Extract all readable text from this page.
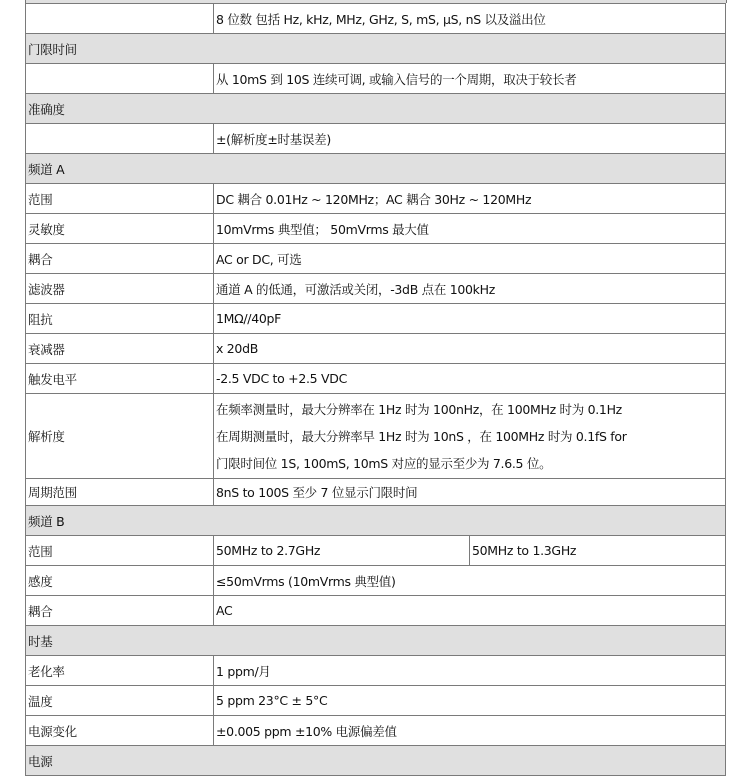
	8 位数 包括 Hz, kHz, MHz, GHz, S, mS, μS, nS 以及溢出位	
门限时间		
	从 10mS 到 10S 连续可调, 或输入信号的一个周期，取决于较长者	
准确度		
	±(解析度±时基误差)	
频道 A		
范围	DC 耦合 0.01Hz ~ 120MHz；AC 耦合 30Hz ~ 120MHz	
灵敏度	10mVrms 典型值； 50mVrms 最大值	
耦合	AC or DC, 可选	
滤波器	通道 A 的低通，可激活或关闭，-3dB 点在 100kHz	
阻抗	1MΩ//40pF	
衰减器	x 20dB	
触发电平	-2.5 VDC to +2.5 VDC	
解析度	在频率测量时，最大分辨率在 1Hz 时为 100nHz，在 100MHz 时为 0.1Hz
在周期测量时，最大分辨率早 1Hz 时为 10nS ，在 100MHz 时为 0.1fS for
门限时间位 1S, 100mS, 10mS 对应的显示至少为 7.6.5 位。	

周期范围	8nS to 100S 至少 7 位显示门限时间	
频道 B		
范围	50MHz to 2.7GHz	50MHz to 1.3GHz
感度	≤50mVrms (10mVrms 典型值)	
耦合	AC	
时基		
老化率	1 ppm/月	
温度	5 ppm 23°C ± 5°C	
电源变化	±0.005 ppm ±10% 电源偏差值	
电源		
